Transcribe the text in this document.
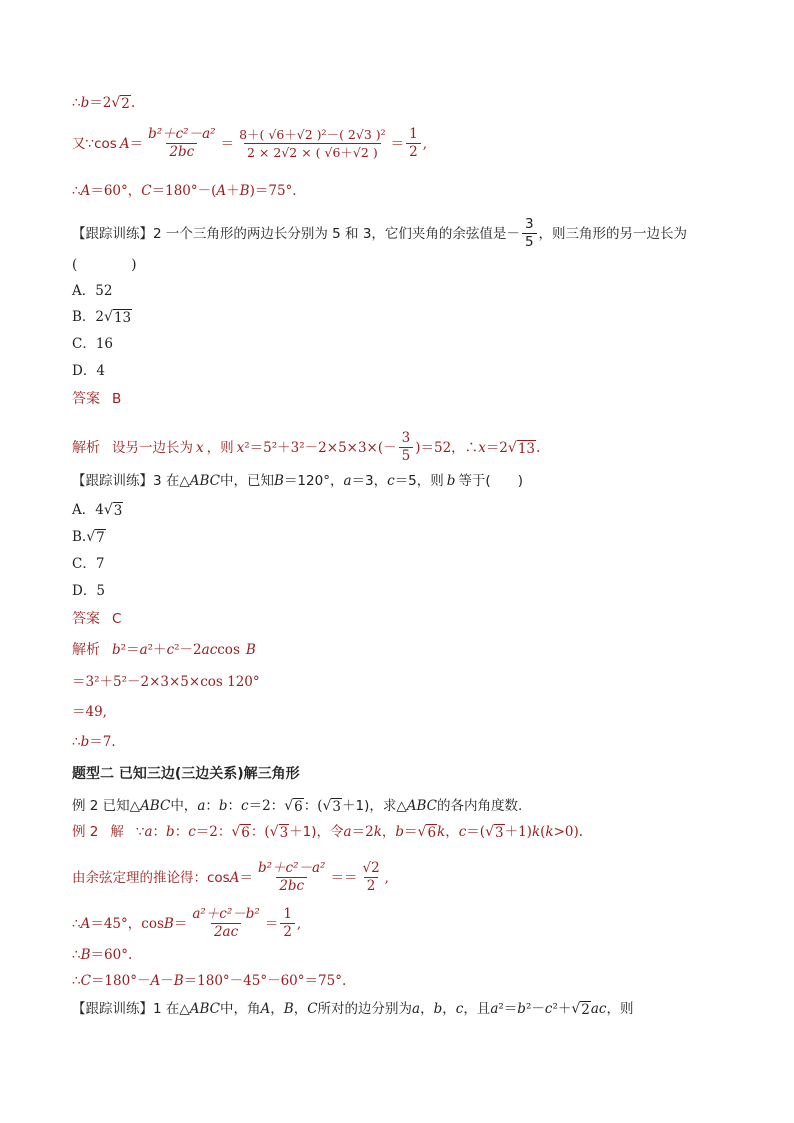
∴ b ＝2 √ 2 .
又∵cos $A = \frac{\text{b²＋c²－a²}}{2bc} = \frac{\text{8＋( √6＋√2 )²－( 2√3 )²}}{2 \times 2√2 \times ( √6+√2 )} = \frac{1}{2}$ ,
∴ A ＝60°， C ＝180°－( A ＋ B )＝75°.
【跟踪训练】2 一个三角形的两边长分别为 5 和 3，它们夹角的余弦值是－ $\frac{3}{5}$ ，则三角形的另一边长为
(　　　　)
A．52
B．2 √ 13
C．16
D．4
答案 B
解析 设另一边长为 x ，则 x $^2=5^2+3^2-2\times 5\times 3\times(- \frac{3}{5} )=52$，∴ x ＝2 √ 13 .
【跟踪训练】3 在△ ABC 中，已知 B ＝120°， a ＝3， c ＝5，则 b 等于(　　)
A．4 √ 3
B. √ 7
C．7
D．5
答案 C
解析 b ²＝ a ²＋ c ²－2 ac cos B
＝3²＋5²－2×3×5×cos 120°
＝49,
∴ b ＝7.
题型二 已知三边(三边关系)解三角形
例 2 已知△ ABC 中， a ： b ： c ＝2： √ 6 ：( √ 3 ＋1)，求△ ABC 的各内角度数.
例 2 解 ∵ a ： b ： c ＝2： √ 6 ：( √ 3 ＋1)，令 a ＝2 k ， b ＝ √ 6 k ， c ＝( √ 3 ＋1) k ( k >0).
由余弦定理的推论得：$\cos A = \frac{\text{b²＋c²－a²}}{2bc} == \frac{√2}{2}$ ,
∴ A ＝45°，$\cos B = \frac{\text{a²＋c²－b²}}{2ac} = \frac{1}{2}$ ,
∴ B ＝60°.
∴ C ＝180°－ A － B ＝180°－45°－60°＝75°.
【跟踪训练】1 在△ ABC 中，角 A ， B ， C 所对的边分别为 a ， b ， c ，且 a ²＝ b ²－ c ²＋ √ 2 ac ，则
